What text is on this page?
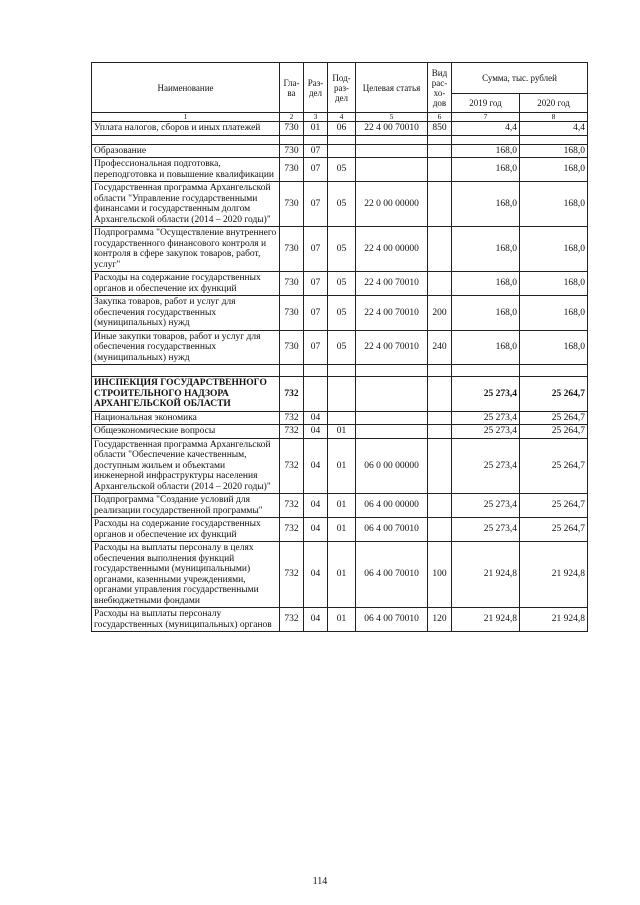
Наименование	Гла-ва	Раз-дел	Под-раз-дел	Целевая статья	Вид рас-хо-дов	Сумма, тыс. рублей	
						2019 год	2020 год
1	2	3	4	5	6	7	8
Уплата налогов, сборов и иных платежей	730	01	06	22 4 00 70010	850	4,4	4,4

Образование	730	07				168,0	168,0
Профессиональная подготовка, переподготовка и повышение квалификации	730	07	05			168,0	168,0
Государственная программа Архангельской области "Управление государственными финансами и государственным долгом Архангельской области (2014 – 2020 годы)"	730	07	05	22 0 00 00000		168,0	168,0
Подпрограмма "Осуществление внутреннего государственного финансового контроля и контроля в сфере закупок товаров, работ, услуг"	730	07	05	22 4 00 00000		168,0	168,0
Расходы на содержание государственных органов и обеспечение их функций	730	07	05	22 4 00 70010		168,0	168,0
Закупка товаров, работ и услуг для обеспечения государственных (муниципальных) нужд	730	07	05	22 4 00 70010	200	168,0	168,0
Иные закупки товаров, работ и услуг для обеспечения государственных (муниципальных) нужд	730	07	05	22 4 00 70010	240	168,0	168,0

ИНСПЕКЦИЯ ГОСУДАРСТВЕННОГО СТРОИТЕЛЬНОГО НАДЗОРА АРХАНГЕЛЬСКОЙ ОБЛАСТИ	732					25 273,4	25 264,7
Национальная экономика	732	04				25 273,4	25 264,7
Общеэкономические вопросы	732	04	01			25 273,4	25 264,7
Государственная программа Архангельской области "Обеспечение качественным, доступным жильем и объектами инженерной инфраструктуры населения Архангельской области (2014 – 2020 годы)"	732	04	01	06 0 00 00000		25 273,4	25 264,7
Подпрограмма "Создание условий для реализации государственной программы"	732	04	01	06 4 00 00000		25 273,4	25 264,7
Расходы на содержание государственных органов и обеспечение их функций	732	04	01	06 4 00 70010		25 273,4	25 264,7
Расходы на выплаты персоналу в целях обеспечения выполнения функций государственными (муниципальными) органами, казенными учреждениями, органами управления государственными внебюджетными фондами	732	04	01	06 4 00 70010	100	21 924,8	21 924,8
Расходы на выплаты персоналу государственных (муниципальных) органов	732	04	01	06 4 00 70010	120	21 924,8	21 924,8
114
